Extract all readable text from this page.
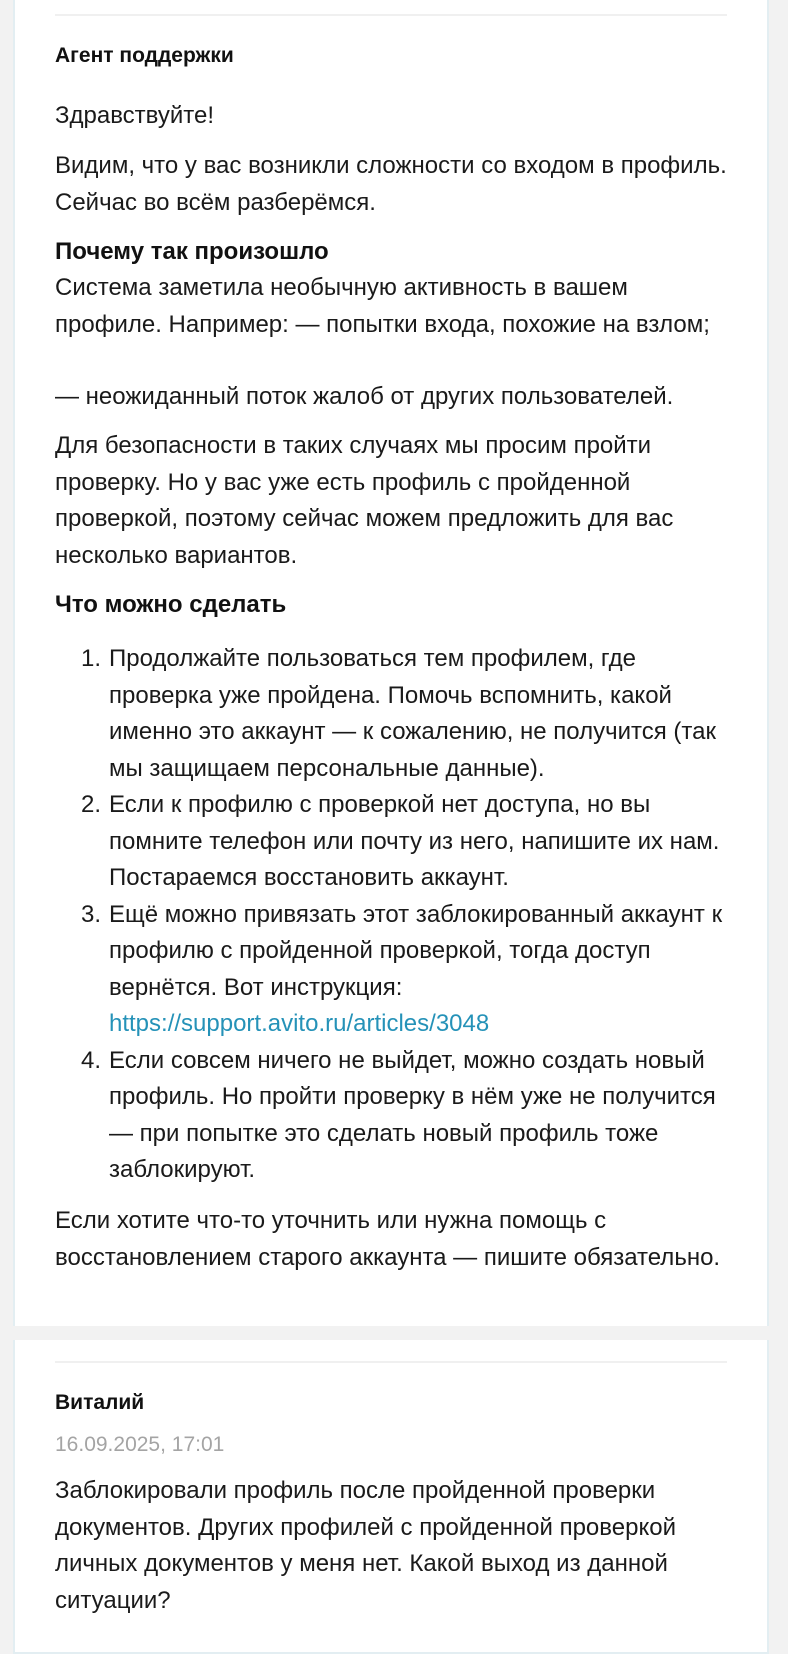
Агент поддержки

Здравствуйте!

Видим, что у вас возникли сложности со входом в профиль. Сейчас во всём разберёмся.

Почему так произошло

Система заметила необычную активность в вашем профиле. Например: — попытки входа, похожие на взлом;

— неожиданный поток жалоб от других пользователей.

Для безопасности в таких случаях мы просим пройти проверку. Но у вас уже есть профиль с пройденной проверкой, поэтому сейчас можем предложить для вас несколько вариантов.

Что можно сделать

1. Продолжайте пользоваться тем профилем, где проверка уже пройдена. Помочь вспомнить, какой именно это аккаунт — к сожалению, не получится (так мы защищаем персональные данные).
2. Если к профилю с проверкой нет доступа, но вы помните телефон или почту из него, напишите их нам. Постараемся восстановить аккаунт.
3. Ещё можно привязать этот заблокированный аккаунт к профилю с пройденной проверкой, тогда доступ вернётся. Вот инструкция:
https://support.avito.ru/articles/3048
4. Если совсем ничего не выйдет, можно создать новый профиль. Но пройти проверку в нём уже не получится — при попытке это сделать новый профиль тоже заблокируют.

Если хотите что-то уточнить или нужна помощь с восстановлением старого аккаунта — пишите обязательно.

Виталий

16.09.2025, 17:01

Заблокировали профиль после пройденной проверки документов. Других профилей с пройденной проверкой личных документов у меня нет. Какой выход из данной ситуации?
